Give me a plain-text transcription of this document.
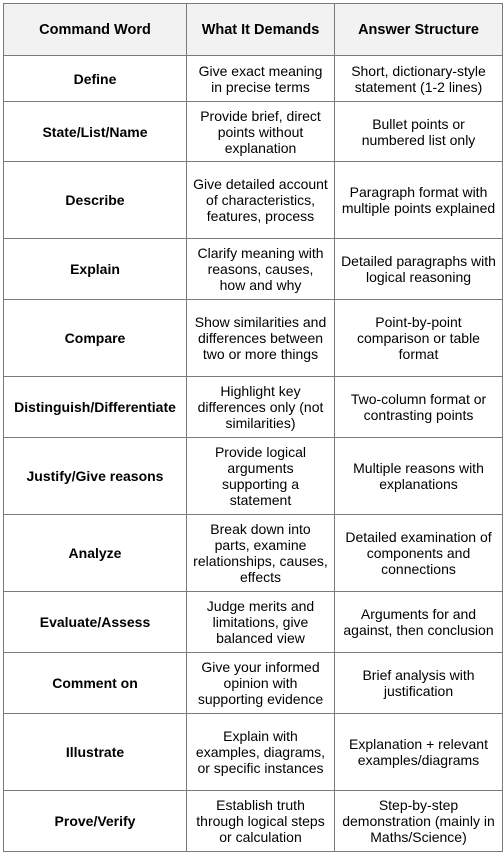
Command Word	What It Demands	Answer Structure
Define	Give exact meaning in precise terms	Short, dictionary-style statement (1-2 lines)
State/List/Name	Provide brief, direct points without explanation	Bullet points or numbered list only
Describe	Give detailed account of characteristics, features, process	Paragraph format with multiple points explained
Explain	Clarify meaning with reasons, causes, how and why	Detailed paragraphs with logical reasoning
Compare	Show similarities and differences between two or more things	Point-by-point comparison or table format
Distinguish/Differentiate	Highlight key differences only (not similarities)	Two-column format or contrasting points
Justify/Give reasons	Provide logical arguments supporting a statement	Multiple reasons with explanations
Analyze	Break down into parts, examine relationships, causes, effects	Detailed examination of components and connections
Evaluate/Assess	Judge merits and limitations, give balanced view	Arguments for and against, then conclusion
Comment on	Give your informed opinion with supporting evidence	Brief analysis with justification
Illustrate	Explain with examples, diagrams, or specific instances	Explanation + relevant examples/diagrams
Prove/Verify	Establish truth through logical steps or calculation	Step-by-step demonstration (mainly in Maths/Science)
